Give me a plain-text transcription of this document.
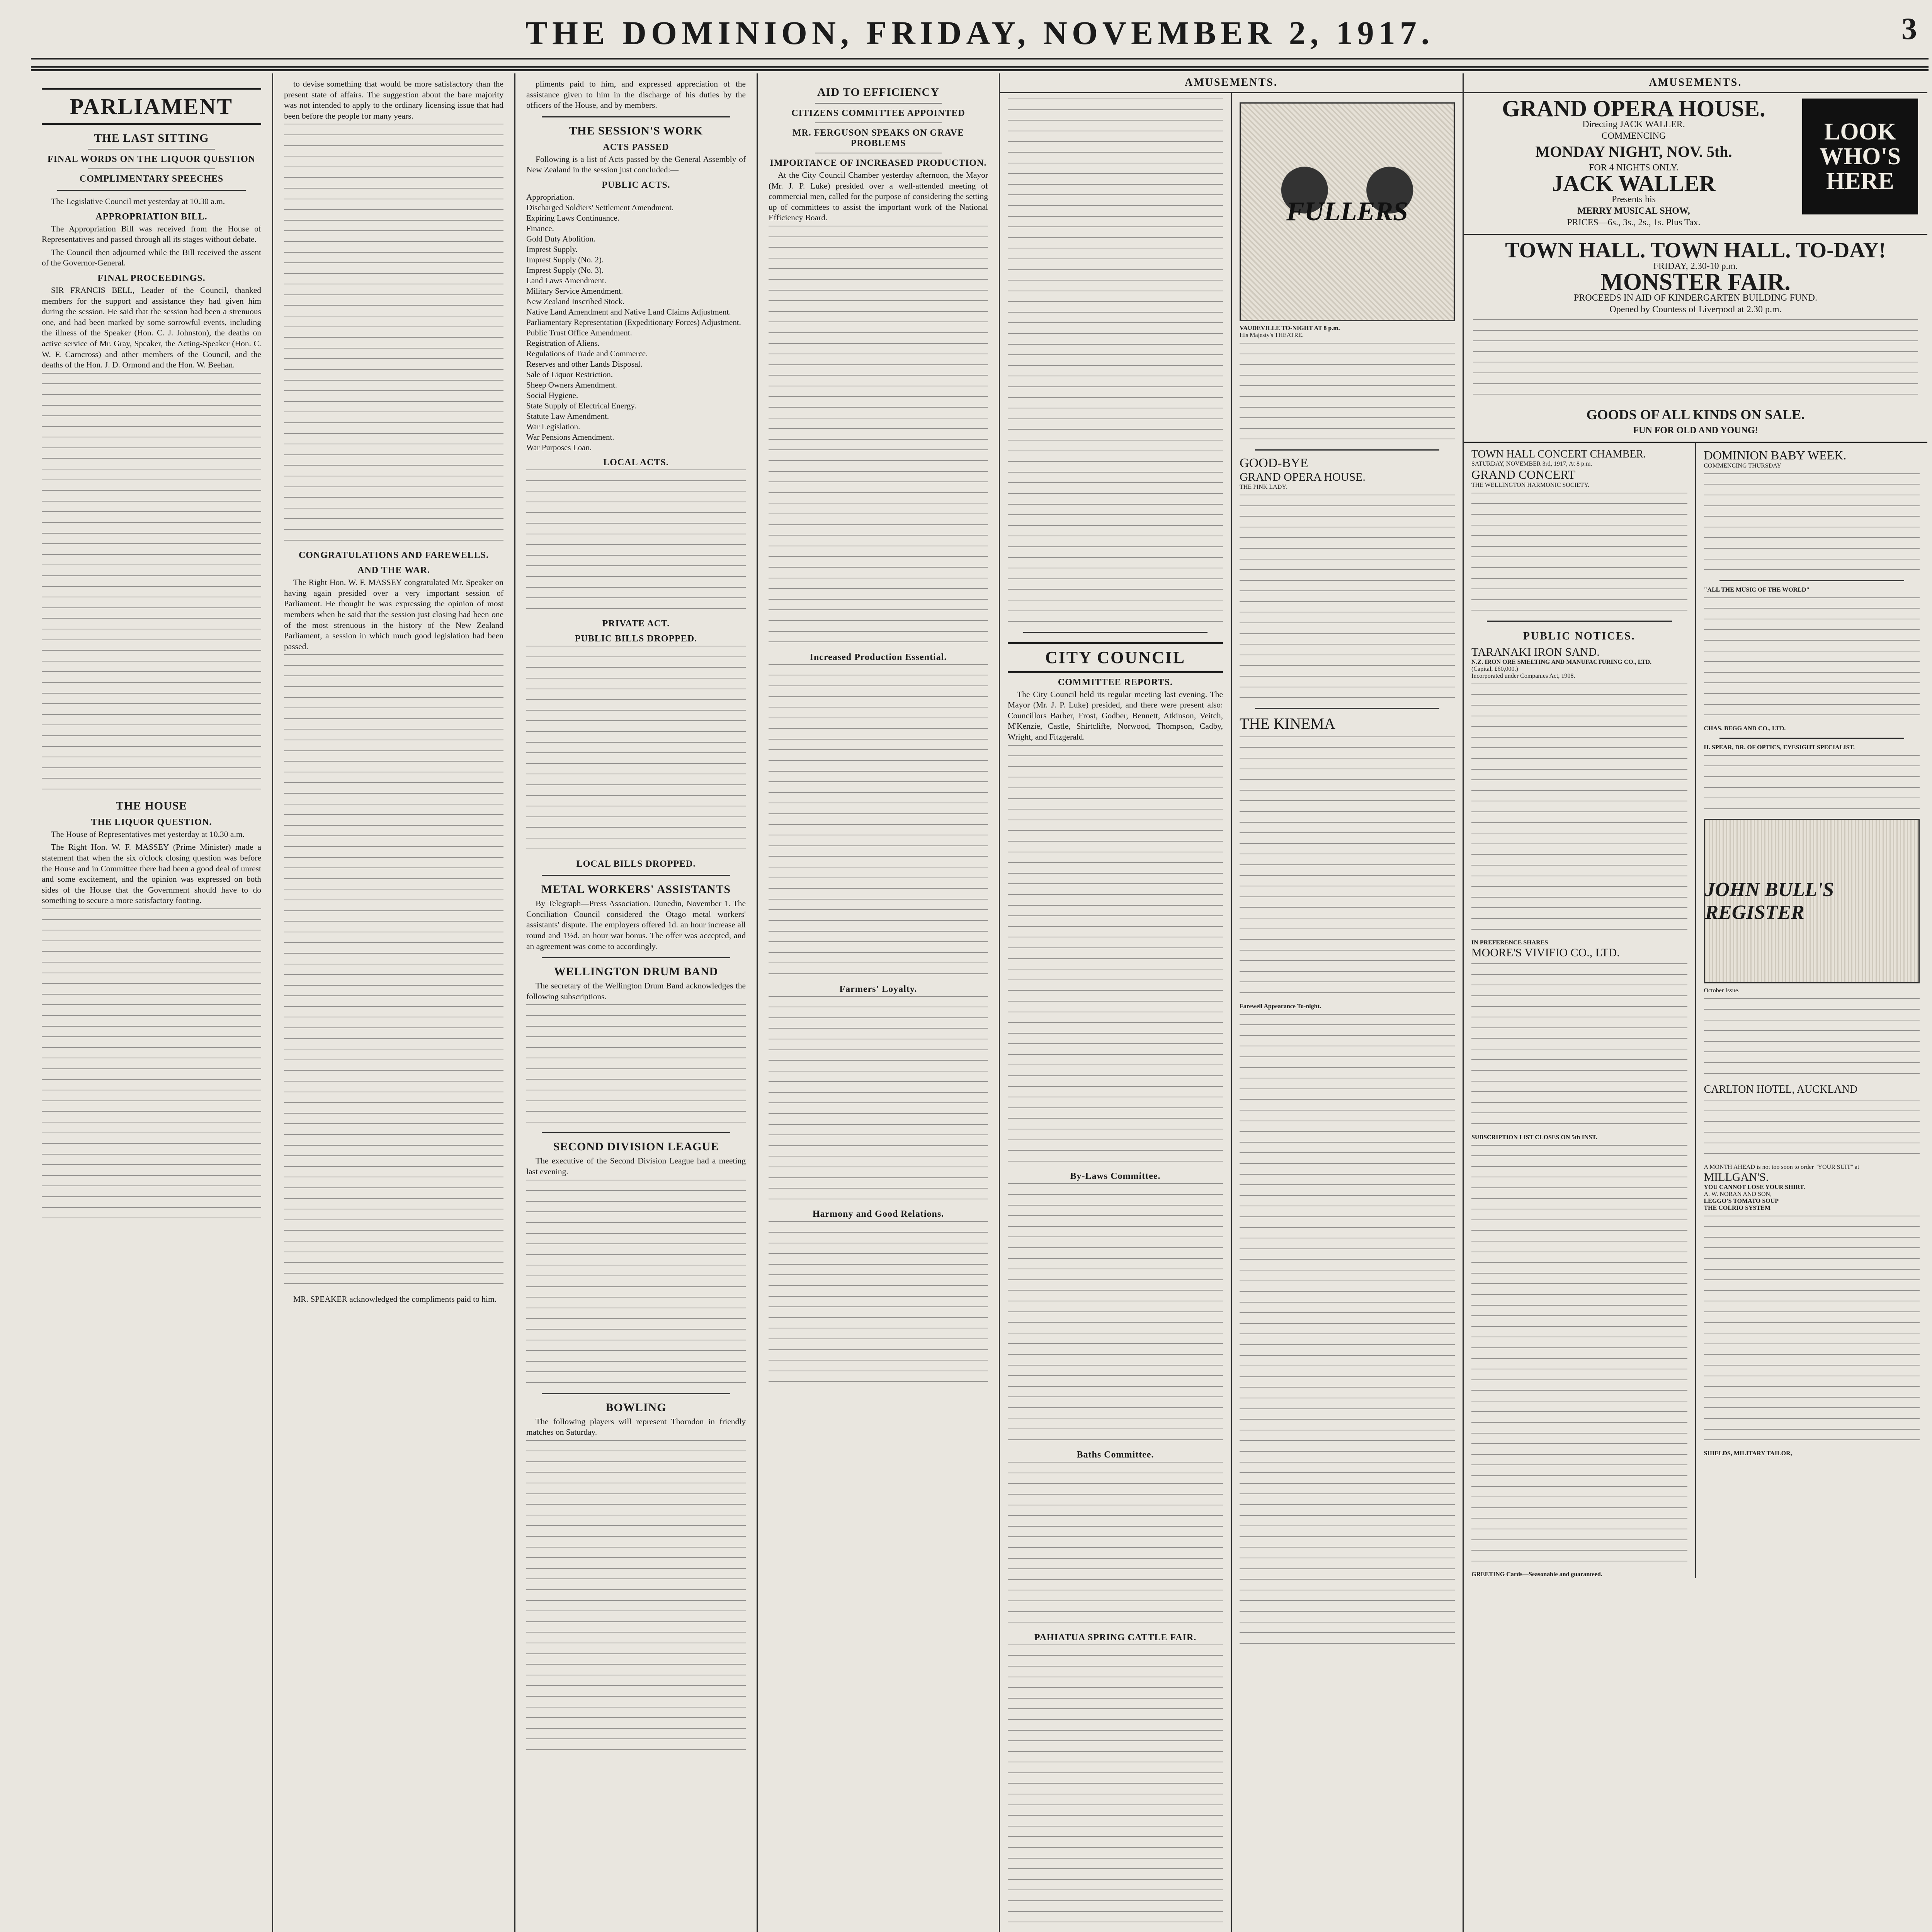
THE DOMINION, FRIDAY, NOVEMBER 2, 1917.	3
PARLIAMENT
THE LAST SITTING
FINAL WORDS ON THE LIQUOR QUESTION
COMPLIMENTARY SPEECHES

The Legislative Council met yesterday at 10.30 a.m.

APPROPRIATION BILL.

The Appropriation Bill was received from the House of Representatives and passed through all its stages without debate.

The Council then adjourned while the Bill received the assent of the Governor-General.

FINAL PROCEEDINGS.

SIR FRANCIS BELL, Leader of the Council, thanked members for the support and assistance they had given him during the session. He said that the session had been a strenuous one, and had been marked by some sorrowful events, including the illness of the Speaker (Hon. C. J. Johnston), the deaths on active service of Mr. Gray, Speaker, the Acting-Speaker (Hon. C. W. F. Carncross) and other members of the Council, and the deaths of the Hon. J. D. Ormond and the Hon. W. Beehan.

THE HOUSE
THE LIQUOR QUESTION.

The House of Representatives met yesterday at 10.30 a.m.

The Right Hon. W. F. MASSEY (Prime Minister) made a statement that when the six o'clock closing question was before the House and in Committee there had been a good deal of unrest and some excitement, and the opinion was expressed on both sides of the House that the Government should have to do something to secure a more satisfactory footing.

to devise something that would be more satisfactory than the present state of affairs. The suggestion about the bare majority was not intended to apply to the ordinary licensing issue that had been before the people for many years.

CONGRATULATIONS AND FAREWELLS.
AND THE WAR.

The Right Hon. W. F. MASSEY congratulated Mr. Speaker on having again presided over a very important session of Parliament. He thought he was expressing the opinion of most members when he said that the session just closing had been one of the most strenuous in the history of the New Zealand Parliament, a session in which much good legislation had been passed.

MR. SPEAKER acknowledged the compliments paid to him.

pliments paid to him, and expressed appreciation of the assistance given to him in the discharge of his duties by the officers of the House, and by members.

THE SESSION'S WORK
ACTS PASSED

Following is a list of Acts passed by the General Assembly of New Zealand in the session just concluded:—

PUBLIC ACTS.
Appropriation.
Discharged Soldiers' Settlement Amendment.
Expiring Laws Continuance.
Finance.
Gold Duty Abolition.
Imprest Supply.
Imprest Supply (No. 2).
Imprest Supply (No. 3).
Land Laws Amendment.
Military Service Amendment.
New Zealand Inscribed Stock.
Native Land Amendment and Native Land Claims Adjustment.
Parliamentary Representation (Expeditionary Forces) Adjustment.
Public Trust Office Amendment.
Registration of Aliens.
Regulations of Trade and Commerce.
Reserves and other Lands Disposal.
Sale of Liquor Restriction.
Sheep Owners Amendment.
Social Hygiene.
State Supply of Electrical Energy.
Statute Law Amendment.
War Legislation.
War Pensions Amendment.
War Purposes Loan.
LOCAL ACTS.
PRIVATE ACT.
PUBLIC BILLS DROPPED.
LOCAL BILLS DROPPED.
METAL WORKERS' ASSISTANTS

By Telegraph—Press Association. Dunedin, November 1. The Conciliation Council considered the Otago metal workers' assistants' dispute. The employers offered 1d. an hour increase all round and 1½d. an hour war bonus. The offer was accepted, and an agreement was come to accordingly.

WELLINGTON DRUM BAND

The secretary of the Wellington Drum Band acknowledges the following subscriptions.

SECOND DIVISION LEAGUE

The executive of the Second Division League had a meeting last evening.

BOWLING

The following players will represent Thorndon in friendly matches on Saturday.

AID TO EFFICIENCY
CITIZENS COMMITTEE APPOINTED
MR. FERGUSON SPEAKS ON GRAVE PROBLEMS
IMPORTANCE OF INCREASED PRODUCTION.

At the City Council Chamber yesterday afternoon, the Mayor (Mr. J. P. Luke) presided over a well-attended meeting of commercial men, called for the purpose of considering the setting up of committees to assist the important work of the National Efficiency Board.

Increased Production Essential.
Farmers' Loyalty.
Harmony and Good Relations.
AMUSEMENTS.
CITY COUNCIL
COMMITTEE REPORTS.

The City Council held its regular meeting last evening. The Mayor (Mr. J. P. Luke) presided, and there were present also: Councillors Barber, Frost, Godber, Bennett, Atkinson, Veitch, M'Kenzie, Castle, Shirtcliffe, Norwood, Thompson, Cadby, Wright, and Fitzgerald.

By-Laws Committee.
Baths Committee.
PAHIATUA SPRING CATTLE FAIR.
FULLERS
VAUDEVILLE TO-NIGHT AT 8 p.m.
His Majesty's THEATRE.
GOOD-BYE
GRAND OPERA HOUSE.
THE PINK LADY.
THE KINEMA
Farewell Appearance To-night.
AMUSEMENTS.
LOOK WHO'S HERE
GRAND OPERA HOUSE.
Directing JACK WALLER.
COMMENCING
MONDAY NIGHT, NOV. 5th.
FOR 4 NIGHTS ONLY.
JACK WALLER
Presents his
MERRY MUSICAL SHOW,
PRICES—6s., 3s., 2s., 1s. Plus Tax.
TOWN HALL. TOWN HALL. TO-DAY!
FRIDAY, 2.30-10 p.m.
MONSTER FAIR.
PROCEEDS IN AID OF KINDERGARTEN BUILDING FUND.
Opened by Countess of Liverpool at 2.30 p.m.
GOODS OF ALL KINDS ON SALE.
FUN FOR OLD AND YOUNG!
TOWN HALL CONCERT CHAMBER.
SATURDAY, NOVEMBER 3rd, 1917, At 8 p.m.
GRAND CONCERT
THE WELLINGTON HARMONIC SOCIETY.
PUBLIC NOTICES.
TARANAKI IRON SAND.
N.Z. IRON ORE SMELTING AND MANUFACTURING CO., LTD.
(Capital, £60,000.)
Incorporated under Companies Act, 1908.
IN PREFERENCE SHARES
MOORE'S VIVIFIO CO., LTD.
SUBSCRIPTION LIST CLOSES ON 5th INST.
GREETING Cards—Seasonable and guaranteed.
DOMINION BABY WEEK.
COMMENCING THURSDAY
"ALL THE MUSIC OF THE WORLD"
CHAS. BEGG AND CO., LTD.
H. SPEAR, DR. OF OPTICS, EYESIGHT SPECIALIST.
JOHN BULL'S REGISTER
October Issue.
CARLTON HOTEL, AUCKLAND
A MONTH AHEAD is not too soon to order "YOUR SUIT" at
MILLGAN'S.
YOU CANNOT LOSE YOUR SHIRT.
A. W. NORAN AND SON,
LEGGO'S TOMATO SOUP
THE COLRIO SYSTEM
SHIELDS, MILITARY TAILOR,
